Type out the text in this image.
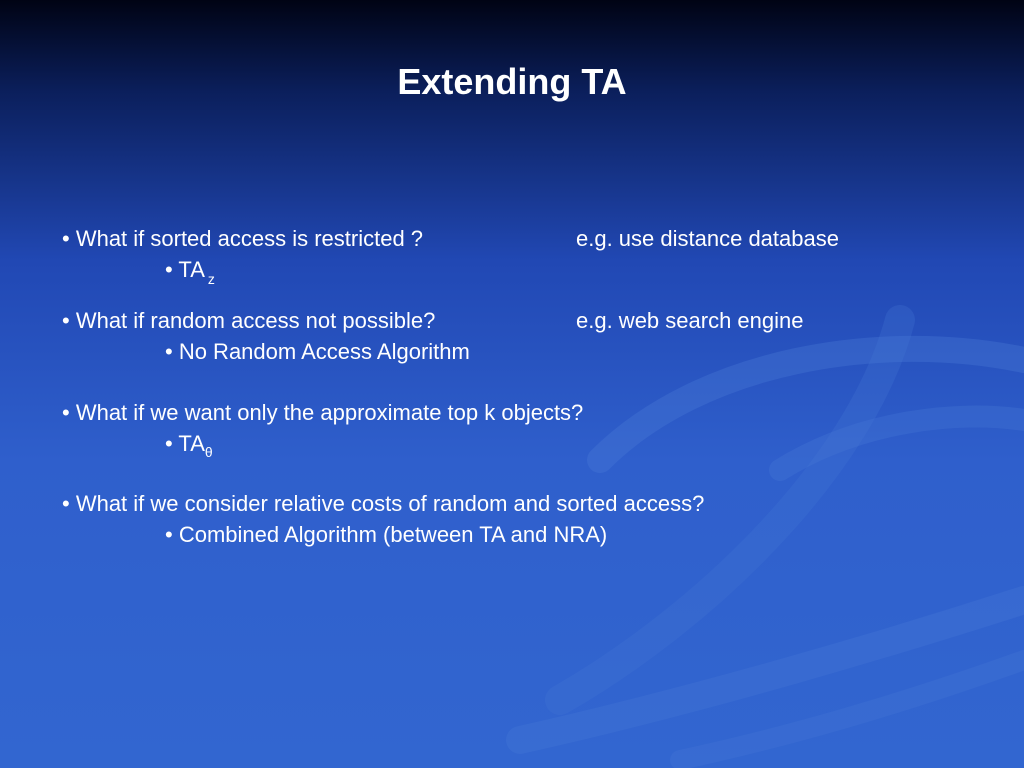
Extending TA
• What if sorted access is restricted ?	e.g. use distance database
• TA $_z$
• What if random access not possible?	e.g. web search engine
• No Random Access Algorithm
• What if we want only the approximate top k objects?
• $TA_\theta$
• What if we consider relative costs of random and sorted access?
• Combined Algorithm (between TA and NRA)
